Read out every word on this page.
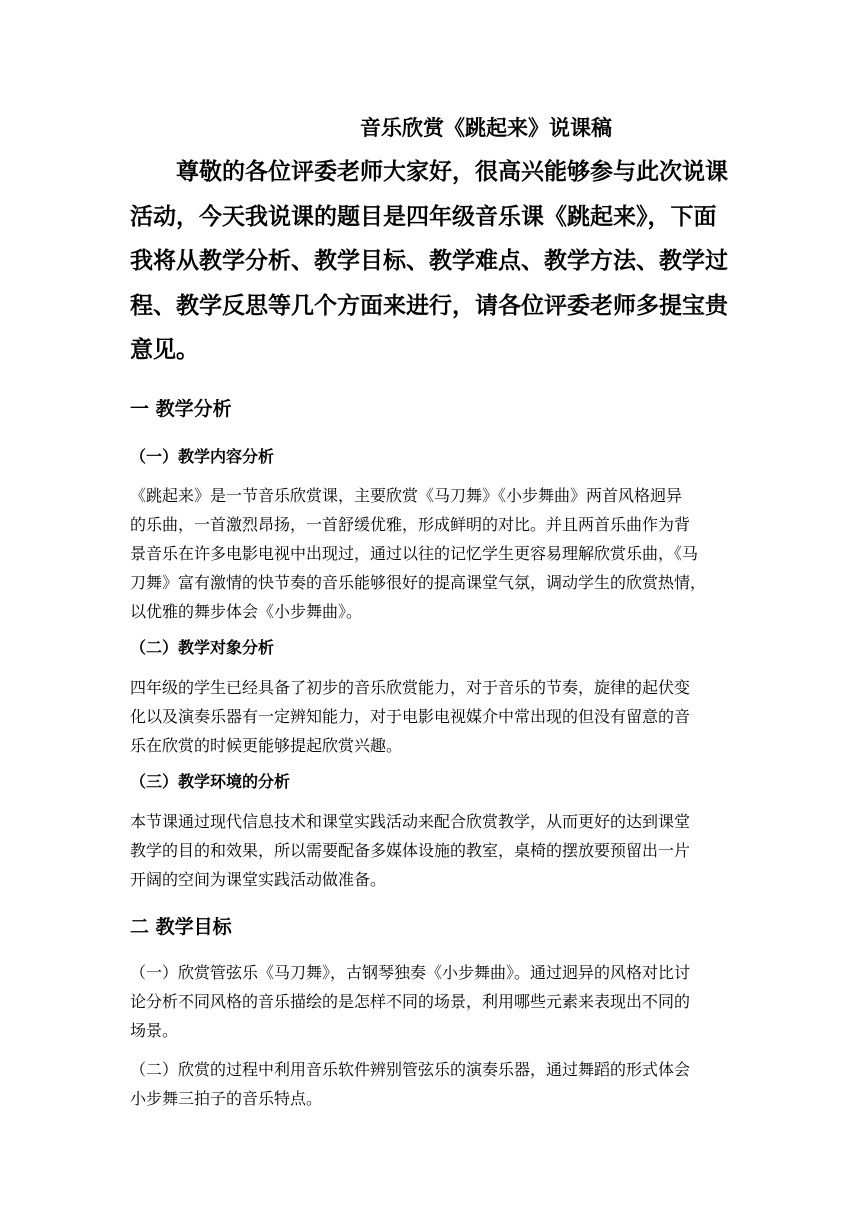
音乐欣赏《跳起来》说课稿
　　尊敬的各位评委老师大家好，很高兴能够参与此次说课
活动，今天我说课的题目是四年级音乐课《跳起来》，下面
我将从教学分析、教学目标、教学难点、教学方法、教学过
程、教学反思等几个方面来进行，请各位评委老师多提宝贵
意见。
一 教学分析
（一）教学内容分析
《跳起来》是一节音乐欣赏课，主要欣赏《马刀舞》《小步舞曲》两首风格迥异
的乐曲，一首激烈昂扬，一首舒缓优雅，形成鲜明的对比。并且两首乐曲作为背
景音乐在许多电影电视中出现过，通过以往的记忆学生更容易理解欣赏乐曲，《马
刀舞》富有激情的快节奏的音乐能够很好的提高课堂气氛，调动学生的欣赏热情，
以优雅的舞步体会《小步舞曲》。
（二）教学对象分析
四年级的学生已经具备了初步的音乐欣赏能力，对于音乐的节奏，旋律的起伏变
化以及演奏乐器有一定辨知能力，对于电影电视媒介中常出现的但没有留意的音
乐在欣赏的时候更能够提起欣赏兴趣。
（三）教学环境的分析
本节课通过现代信息技术和课堂实践活动来配合欣赏教学，从而更好的达到课堂
教学的目的和效果，所以需要配备多媒体设施的教室，桌椅的摆放要预留出一片
开阔的空间为课堂实践活动做准备。
二 教学目标
（一）欣赏管弦乐《马刀舞》，古钢琴独奏《小步舞曲》。通过迥异的风格对比讨
论分析不同风格的音乐描绘的是怎样不同的场景，利用哪些元素来表现出不同的
场景。
（二）欣赏的过程中利用音乐软件辨别管弦乐的演奏乐器，通过舞蹈的形式体会
小步舞三拍子的音乐特点。
